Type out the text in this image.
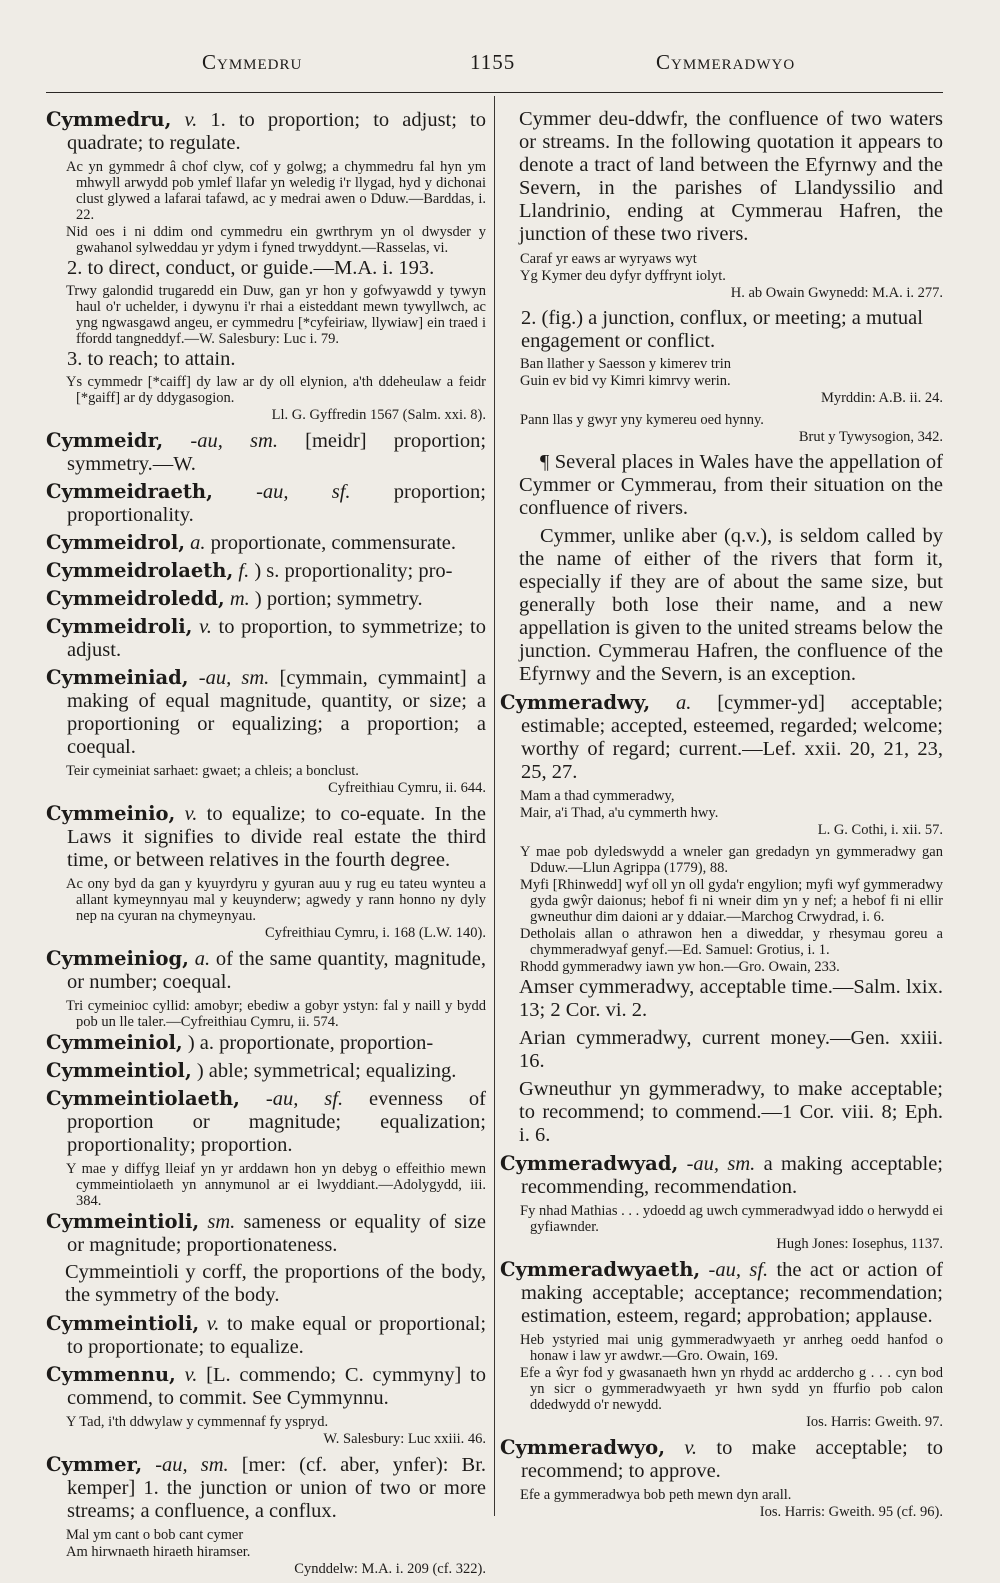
Cymmedru	1155	Cymmeradwyo

Cymmedru, v. 1. to proportion; to adjust; to quadrate; to regulate.

Ac yn gymmedr â chof clyw, cof y golwg; a chymmedru fal hyn ym mhwyll arwydd pob ymlef llafar yn weledig i'r llygad, hyd y dichonai clust glywed a lafarai tafawd, ac y medrai awen o Dduw.—Barddas, i. 22.

Nid oes i ni ddim ond cymmedru ein gwrthrym yn ol dwysder y gwahanol sylweddau yr ydym i fyned trwyddynt.—Rasselas, vi.

2. to direct, conduct, or guide.—M.A. i. 193.

Trwy galondid trugaredd ein Duw, gan yr hon y gofwyawdd y tywyn haul o'r uchelder, i dywynu i'r rhai a eisteddant mewn tywyllwch, ac yng ngwasgawd angeu, er cymmedru [*cyfeiriaw, llywiaw] ein traed i ffordd tangneddyf.—W. Salesbury: Luc i. 79.

3. to reach; to attain.

Ys cymmedr [*caiff] dy law ar dy oll elynion, a'th ddeheulaw a feidr [*gaiff] ar dy ddygasogion.

Ll. G. Gyffredin 1567 (Salm. xxi. 8).

Cymmeidr, -au, sm. [meidr] proportion; symmetry.—W.

Cymmeidraeth, -au, sf. proportion; proportionality.

Cymmeidrol, a. proportionate, commensurate.

Cymmeidrolaeth, f. ) s. proportionality; pro-

Cymmeidroledd, m. ) portion; symmetry.

Cymmeidroli, v. to proportion, to symmetrize; to adjust.

Cymmeiniad, -au, sm. [cymmain, cymmaint] a making of equal magnitude, quantity, or size; a proportioning or equalizing; a proportion; a coequal.

Teir cymeiniat sarhaet: gwaet; a chleis; a bonclust.

Cyfreithiau Cymru, ii. 644.

Cymmeinio, v. to equalize; to co-equate. In the Laws it signifies to divide real estate the third time, or between relatives in the fourth degree.

Ac ony byd da gan y kyuyrdyru y gyuran auu y rug eu tateu wynteu a allant kymeynnyau mal y keuynderw; agwedy y rann honno ny dyly nep na cyuran na chymeynyau.

Cyfreithiau Cymru, i. 168 (L.W. 140).

Cymmeiniog, a. of the same quantity, magnitude, or number; coequal.

Tri cymeinioc cyllid: amobyr; ebediw a gobyr ystyn: fal y naill y bydd pob un lle taler.—Cyfreithiau Cymru, ii. 574.

Cymmeiniol, ) a. proportionate, proportion-

Cymmeintiol, ) able; symmetrical; equalizing.

Cymmeintiolaeth, -au, sf. evenness of proportion or magnitude; equalization; proportionality; proportion.

Y mae y diffyg lleiaf yn yr arddawn hon yn debyg o effeithio mewn cymmeintiolaeth yn annymunol ar ei lwyddiant.—Adolygydd, iii. 384.

Cymmeintioli, sm. sameness or equality of size or magnitude; proportionateness.

Cymmeintioli y corff, the proportions of the body, the symmetry of the body.

Cymmeintioli, v. to make equal or proportional; to proportionate; to equalize.

Cymmennu, v. [L. commendo; C. cymmyny] to commend, to commit. See Cymmynnu.

Y Tad, i'th ddwylaw y cymmennaf fy yspryd.

W. Salesbury: Luc xxiii. 46.

Cymmer, -au, sm. [mer: (cf. aber, ynfer): Br. kemper] 1. the junction or union of two or more streams; a confluence, a conflux.

Mal ym cant o bob cant cymer

Am hirwnaeth hiraeth hiramser.

Cynddelw: M.A. i. 209 (cf. 322).

Cymmer deu-ddwfr, the confluence of two waters or streams. In the following quotation it appears to denote a tract of land between the Efyrnwy and the Severn, in the parishes of Llandyssilio and Llandrinio, ending at Cymmerau Hafren, the junction of these two rivers.

Caraf yr eaws ar wyryaws wyt

Yg Kymer deu dyfyr dyffrynt iolyt.

H. ab Owain Gwynedd: M.A. i. 277.

2. (fig.) a junction, conflux, or meeting; a mutual engagement or conflict.

Ban llather y Saesson y kimerev trin

Guin ev bid vy Kimri kimrvy werin.

Myrddin: A.B. ii. 24.

Pann llas y gwyr yny kymereu oed hynny.

Brut y Tywysogion, 342.

¶ Several places in Wales have the appellation of Cymmer or Cymmerau, from their situation on the confluence of rivers.

Cymmer, unlike aber (q.v.), is seldom called by the name of either of the rivers that form it, especially if they are of about the same size, but generally both lose their name, and a new appellation is given to the united streams below the junction. Cymmerau Hafren, the confluence of the Efyrnwy and the Severn, is an exception.

Cymmeradwy, a. [cymmer-yd] acceptable; estimable; accepted, esteemed, regarded; welcome; worthy of regard; current.—Lef. xxii. 20, 21, 23, 25, 27.

Mam a thad cymmeradwy,

Mair, a'i Thad, a'u cymmerth hwy.

L. G. Cothi, i. xii. 57.

Y mae pob dyledswydd a wneler gan gredadyn yn gymmeradwy gan Dduw.—Llun Agrippa (1779), 88.

Myfi [Rhinwedd] wyf oll yn oll gyda'r engylion; myfi wyf gymmeradwy gyda gwŷr daionus; hebof fi ni wneir dim yn y nef; a hebof fi ni ellir gwneuthur dim daioni ar y ddaiar.—Marchog Crwydrad, i. 6.

Detholais allan o athrawon hen a diweddar, y rhesymau goreu a chymmeradwyaf genyf.—Ed. Samuel: Grotius, i. 1.

Rhodd gymmeradwy iawn yw hon.—Gro. Owain, 233.

Amser cymmeradwy, acceptable time.—Salm. lxix. 13; 2 Cor. vi. 2.

Arian cymmeradwy, current money.—Gen. xxiii. 16.

Gwneuthur yn gymmeradwy, to make acceptable; to recommend; to commend.—1 Cor. viii. 8; Eph. i. 6.

Cymmeradwyad, -au, sm. a making acceptable; recommending, recommendation.

Fy nhad Mathias . . . ydoedd ag uwch cymmeradwyad iddo o herwydd ei gyfiawnder.

Hugh Jones: Iosephus, 1137.

Cymmeradwyaeth, -au, sf. the act or action of making acceptable; acceptance; recommendation; estimation, esteem, regard; approbation; applause.

Heb ystyried mai unig gymmeradwyaeth yr anrheg oedd hanfod o honaw i law yr awdwr.—Gro. Owain, 169.

Efe a ŵyr fod y gwasanaeth hwn yn rhydd ac arddercho g . . . cyn bod yn sicr o gymmeradwyaeth yr hwn sydd yn ffurfio pob calon ddedwydd o'r newydd.

Ios. Harris: Gweith. 97.

Cymmeradwyo, v. to make acceptable; to recommend; to approve.

Efe a gymmeradwya bob peth mewn dyn arall.

Ios. Harris: Gweith. 95 (cf. 96).
